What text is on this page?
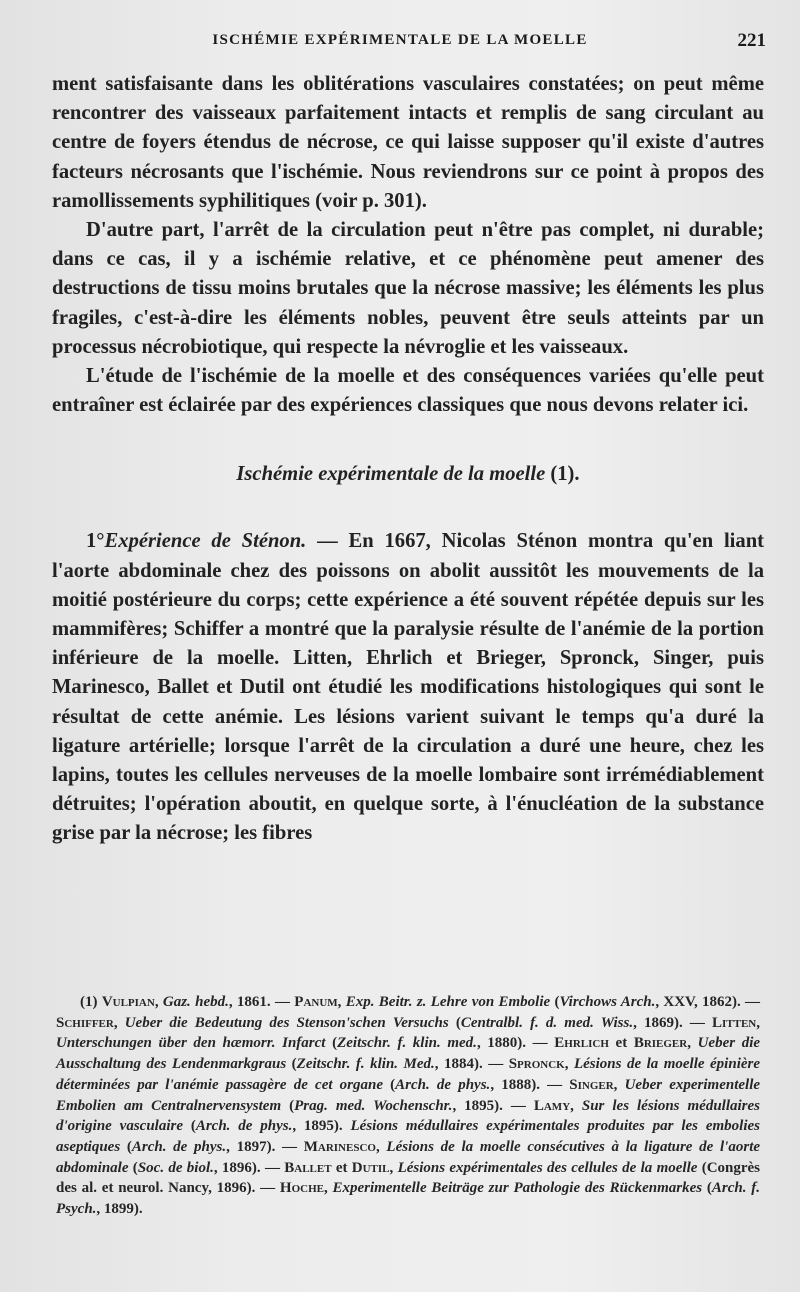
ISCHÉMIE EXPÉRIMENTALE DE LA MOELLE	221

ment satisfaisante dans les oblitérations vasculaires constatées; on peut même rencontrer des vaisseaux parfaitement intacts et remplis de sang circulant au centre de foyers étendus de nécrose, ce qui laisse supposer qu'il existe d'autres facteurs nécrosants que l'ischémie. Nous reviendrons sur ce point à propos des ramollissements syphilitiques (voir p. 301).

D'autre part, l'arrêt de la circulation peut n'être pas complet, ni durable; dans ce cas, il y a ischémie relative, et ce phénomène peut amener des destructions de tissu moins brutales que la nécrose massive; les éléments les plus fragiles, c'est-à-dire les éléments nobles, peuvent être seuls atteints par un processus nécrobiotique, qui respecte la névroglie et les vaisseaux.

L'étude de l'ischémie de la moelle et des conséquences variées qu'elle peut entraîner est éclairée par des expériences classiques que nous devons relater ici.

Ischémie expérimentale de la moelle (1).

1°Expérience de Sténon. — En 1667, Nicolas Sténon montra qu'en liant l'aorte abdominale chez des poissons on abolit aussitôt les mouvements de la moitié postérieure du corps; cette expérience a été souvent répétée depuis sur les mammifères; Schiffer a montré que la paralysie résulte de l'anémie de la portion inférieure de la moelle. Litten, Ehrlich et Brieger, Spronck, Singer, puis Marinesco, Ballet et Dutil ont étudié les modifications histologiques qui sont le résultat de cette anémie. Les lésions varient suivant le temps qu'a duré la ligature artérielle; lorsque l'arrêt de la circulation a duré une heure, chez les lapins, toutes les cellules nerveuses de la moelle lombaire sont irrémédiablement détruites; l'opération aboutit, en quelque sorte, à l'énucléation de la substance grise par la nécrose; les fibres

(1) Vulpian, Gaz. hebd., 1861. — Panum, Exp. Beitr. z. Lehre von Embolie (Virchows Arch., XXV, 1862). — Schiffer, Ueber die Bedeutung des Stenson'schen Versuchs (Centralbl. f. d. med. Wiss., 1869). — Litten, Unterschungen über den hæmorr. Infarct (Zeitschr. f. klin. med., 1880). — Ehrlich et Brieger, Ueber die Ausschaltung des Lendenmarkgraus (Zeitschr. f. klin. Med., 1884). — Spronck, Lésions de la moelle épinière déterminées par l'anémie passagère de cet organe (Arch. de phys., 1888). — Singer, Ueber experimentelle Embolien am Centralnervensystem (Prag. med. Wochenschr., 1895). — Lamy, Sur les lésions médullaires d'origine vasculaire (Arch. de phys., 1895). Lésions médullaires expérimentales produites par les embolies aseptiques (Arch. de phys., 1897). — Marinesco, Lésions de la moelle consécutives à la ligature de l'aorte abdominale (Soc. de biol., 1896). — Ballet et Dutil, Lésions expérimentales des cellules de la moelle (Congrès des al. et neurol. Nancy, 1896). — Hoche, Experimentelle Beiträge zur Pathologie des Rückenmarkes (Arch. f. Psych., 1899).
